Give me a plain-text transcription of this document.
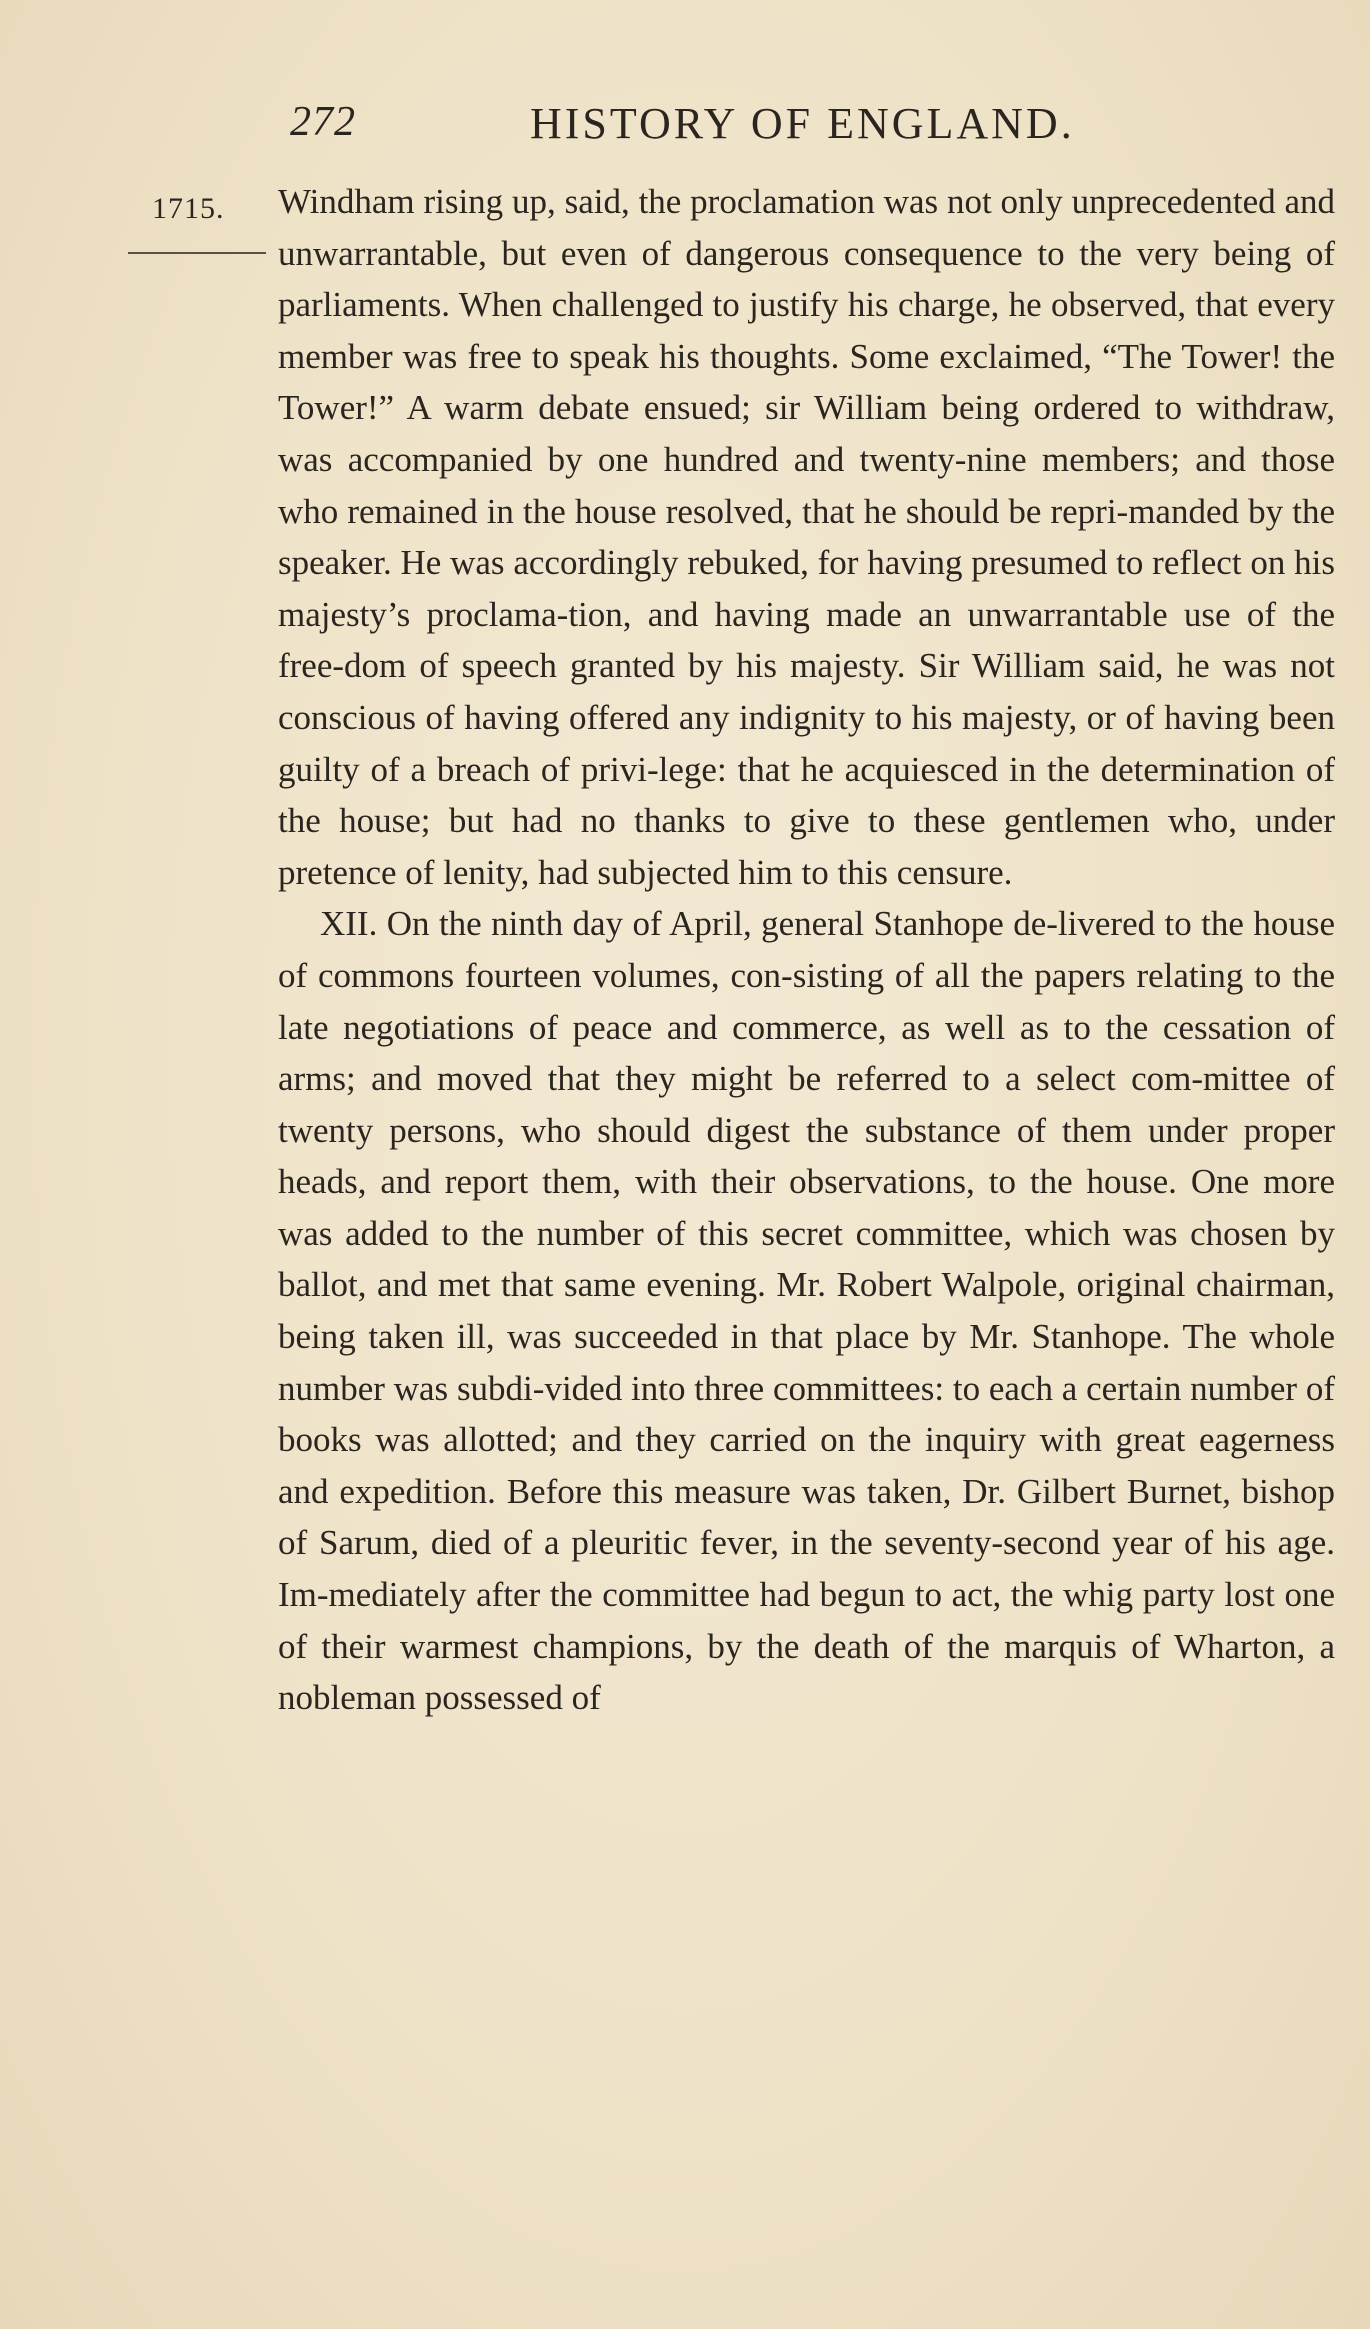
272	HISTORY OF ENGLAND.
1715. Windham rising up, said, the proclamation was not only unprecedented and unwarrantable, but even of dangerous consequence to the very being of parliaments. When challenged to justify his charge, he observed, that every member was free to speak his thoughts. Some exclaimed, “The Tower! the Tower!” A warm debate ensued; sir William being ordered to withdraw, was accompanied by one hundred and twenty-nine members; and those who remained in the house resolved, that he should be repri-manded by the speaker. He was accordingly rebuked, for having presumed to reflect on his majesty’s proclama-tion, and having made an unwarrantable use of the free-dom of speech granted by his majesty. Sir William said, he was not conscious of having offered any indignity to his majesty, or of having been guilty of a breach of privi-lege: that he acquiesced in the determination of the house; but had no thanks to give to these gentlemen who, under pretence of lenity, had subjected him to this censure.

XII. On the ninth day of April, general Stanhope de-livered to the house of commons fourteen volumes, con-sisting of all the papers relating to the late negotiations of peace and commerce, as well as to the cessation of arms; and moved that they might be referred to a select com-mittee of twenty persons, who should digest the substance of them under proper heads, and report them, with their observations, to the house. One more was added to the number of this secret committee, which was chosen by ballot, and met that same evening. Mr. Robert Walpole, original chairman, being taken ill, was succeeded in that place by Mr. Stanhope. The whole number was subdi-vided into three committees: to each a certain number of books was allotted; and they carried on the inquiry with great eagerness and expedition. Before this measure was taken, Dr. Gilbert Burnet, bishop of Sarum, died of a pleuritic fever, in the seventy-second year of his age. Im-mediately after the committee had begun to act, the whig party lost one of their warmest champions, by the death of the marquis of Wharton, a nobleman possessed of
